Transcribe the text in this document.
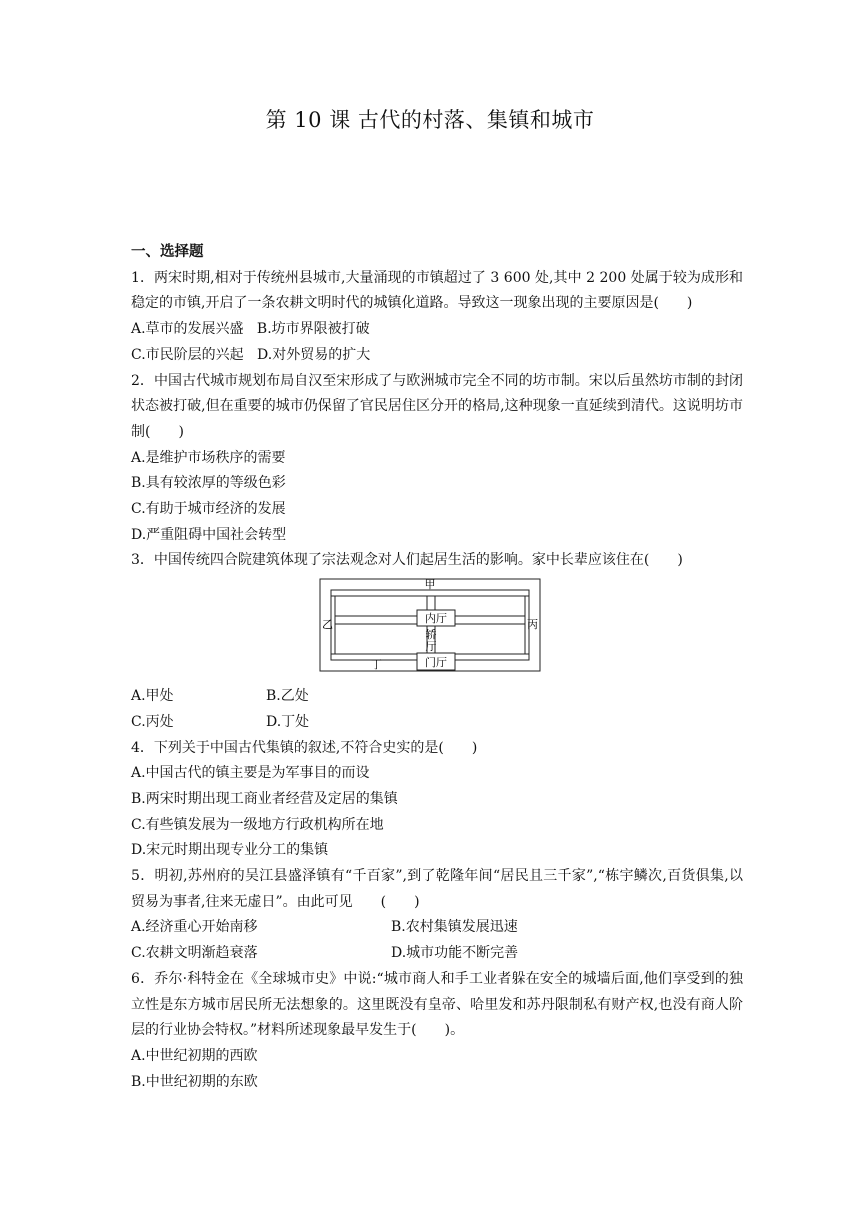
第 10 课 古代的村落、集镇和城市
一、选择题
1．两宋时期,相对于传统州县城市,大量涌现的市镇超过了 3 600 处,其中 2 200 处属于较为成形和稳定的市镇,开启了一条农耕文明时代的城镇化道路。导致这一现象出现的主要原因是(　　)
A.草市的发展兴盛 B.坊市界限被打破
C.市民阶层的兴起 D.对外贸易的扩大
2．中国古代城市规划布局自汉至宋形成了与欧洲城市完全不同的坊市制。宋以后虽然坊市制的封闭状态被打破,但在重要的城市仍保留了官民居住区分开的格局,这种现象一直延续到清代。这说明坊市制(　　)
A.是维护市场秩序的需要
B.具有较浓厚的等级色彩
C.有助于城市经济的发展
D.严重阻碍中国社会转型
3．中国传统四合院建筑体现了宗法观念对人们起居生活的影响。家中长辈应该住在(　　)
甲
乙	丙
丁
内厅
门厅
轿厅
A.甲处	B.乙处
C.丙处	D.丁处
4．下列关于中国古代集镇的叙述,不符合史实的是(　　)
A.中国古代的镇主要是为军事目的而设
B.两宋时期出现工商业者经营及定居的集镇
C.有些镇发展为一级地方行政机构所在地
D.宋元时期出现专业分工的集镇
5．明初,苏州府的吴江县盛泽镇有“千百家”,到了乾隆年间“居民且三千家”,“栋宇鳞次,百货俱集,以贸易为事者,往来无虚日”。由此可见　　(　　)
A.经济重心开始南移	B.农村集镇发展迅速
C.农耕文明渐趋衰落	D.城市功能不断完善
6．乔尔·科特金在《全球城市史》中说:“城市商人和手工业者躲在安全的城墙后面,他们享受到的独立性是东方城市居民所无法想象的。这里既没有皇帝、哈里发和苏丹限制私有财产权,也没有商人阶层的行业协会特权。”材料所述现象最早发生于(　　)。
A.中世纪初期的西欧
B.中世纪初期的东欧
